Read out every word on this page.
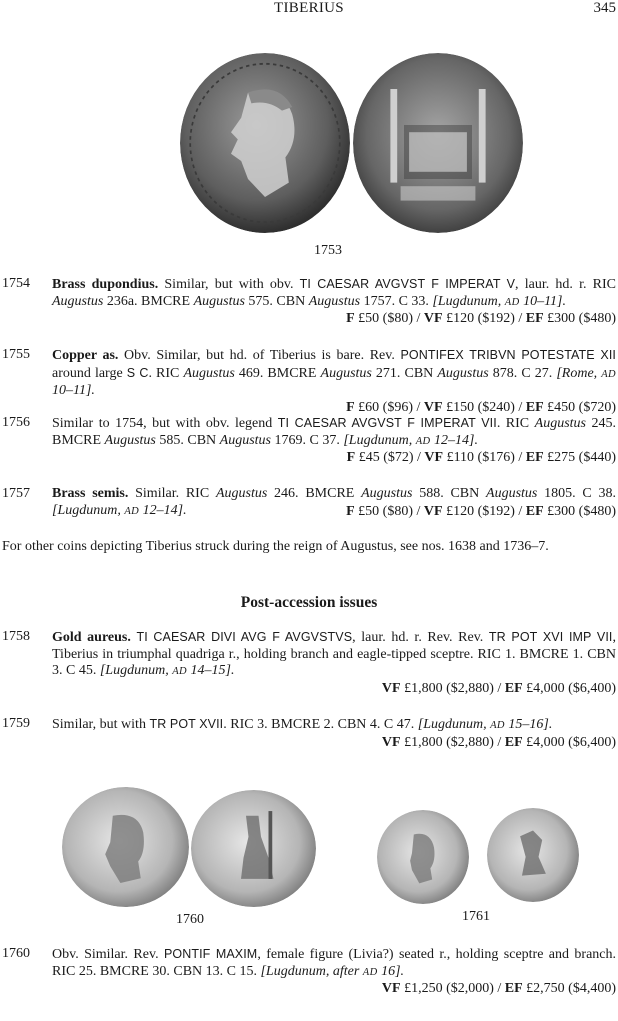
TIBERIUS	345
1753
1754 Brass dupondius. Similar, but with obv. TI CAESAR AVGVST F IMPERAT V, laur. hd. r. RIC Augustus 236a. BMCRE Augustus 575. CBN Augustus 1757. C 33. [Lugdunum, AD 10–11].
F £50 ($80) / VF £120 ($192) / EF £300 ($480)
1755 Copper as. Obv. Similar, but hd. of Tiberius is bare. Rev. PONTIFEX TRIBVN POTESTATE XII around large S C. RIC Augustus 469. BMCRE Augustus 271. CBN Augustus 878. C 27. [Rome, AD 10–11].
F £60 ($96) / VF £150 ($240) / EF £450 ($720)
1756 Similar to 1754, but with obv. legend TI CAESAR AVGVST F IMPERAT VII. RIC Augustus 245. BMCRE Augustus 585. CBN Augustus 1769. C 37. [Lugdunum, AD 12–14].
F £45 ($72) / VF £110 ($176) / EF £275 ($440)
1757 Brass semis. Similar. RIC Augustus 246. BMCRE Augustus 588. CBN Augustus 1805. C 38. [Lugdunum, AD 12–14].	F £50 ($80) / VF £120 ($192) / EF £300 ($480)
For other coins depicting Tiberius struck during the reign of Augustus, see nos. 1638 and 1736–7.
Post-accession issues
1758 Gold aureus. TI CAESAR DIVI AVG F AVGVSTVS, laur. hd. r. Rev. Rev. TR POT XVI IMP VII, Tiberius in triumphal quadriga r., holding branch and eagle-tipped sceptre. RIC 1. BMCRE 1. CBN 3. C 45. [Lugdunum, AD 14–15].
VF £1,800 ($2,880) / EF £4,000 ($6,400)
1759 Similar, but with TR POT XVII. RIC 3. BMCRE 2. CBN 4. C 47. [Lugdunum, AD 15–16].
VF £1,800 ($2,880) / EF £4,000 ($6,400)
1760	1761
1760 Obv. Similar. Rev. PONTIF MAXIM, female figure (Livia?) seated r., holding sceptre and branch. RIC 25. BMCRE 30. CBN 13. C 15. [Lugdunum, after AD 16].
VF £1,250 ($2,000) / EF £2,750 ($4,400)
